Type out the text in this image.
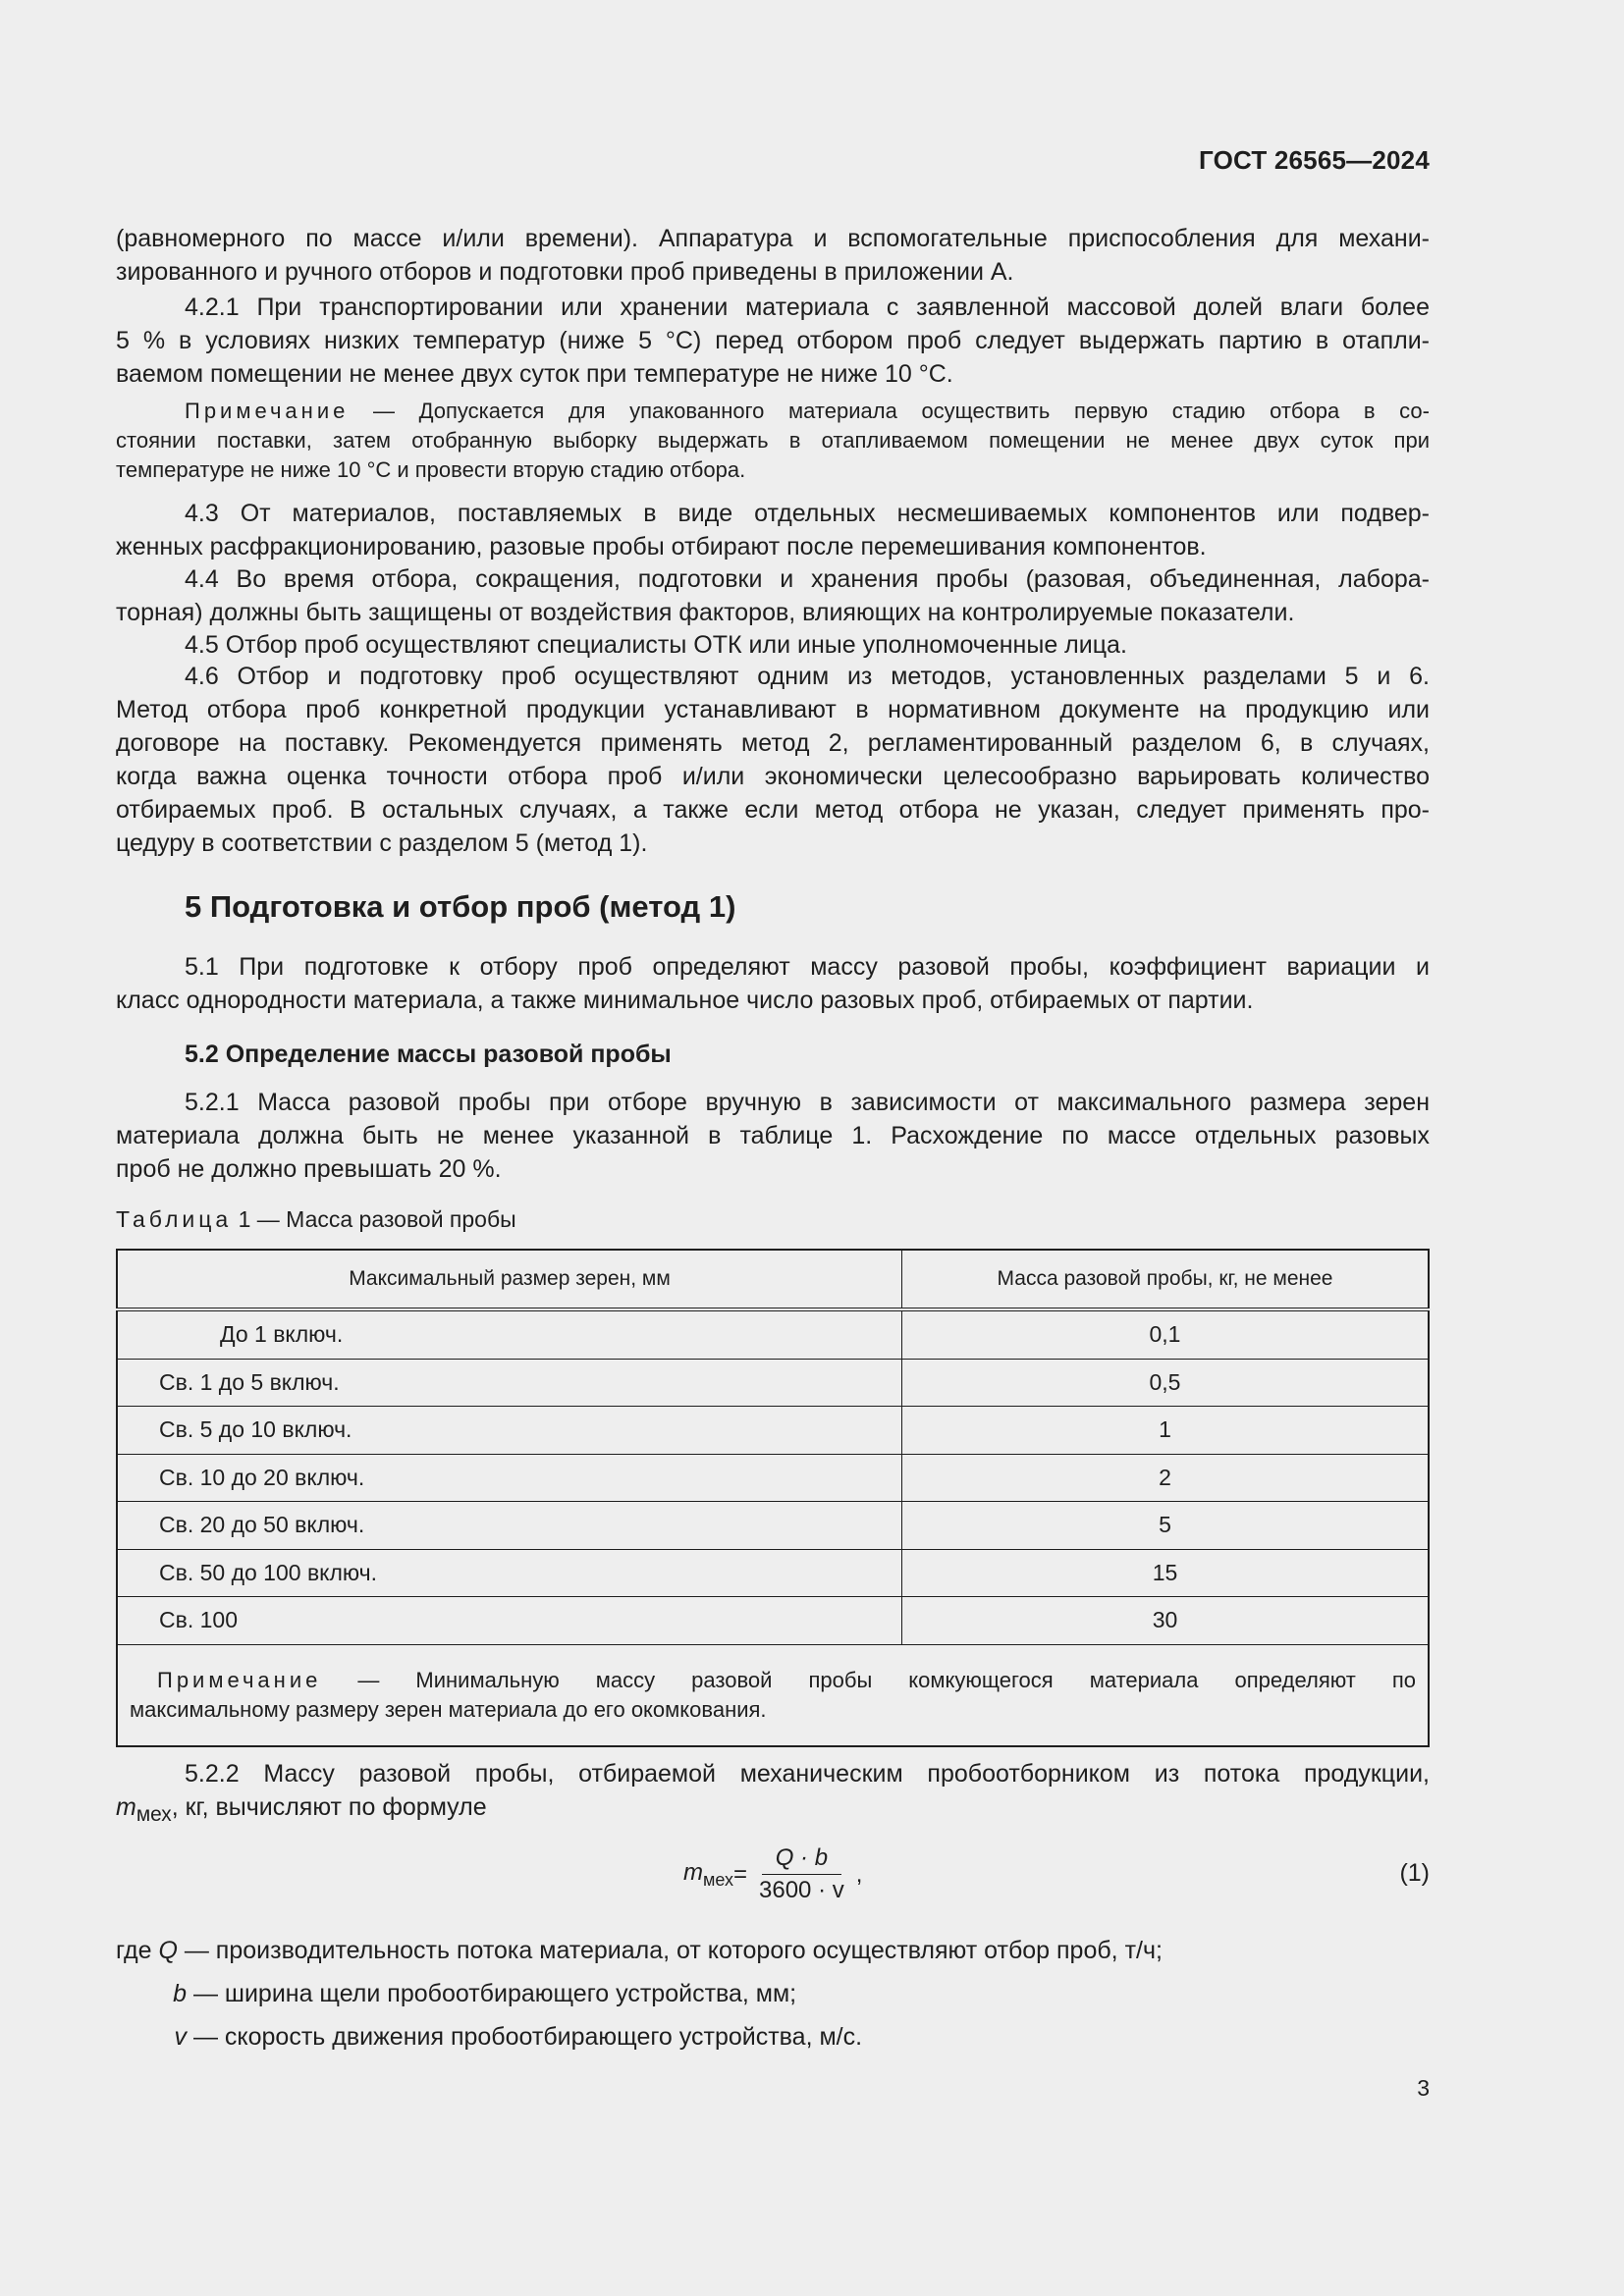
ГОСТ 26565—2024
(равномерного по массе и/или времени). Аппаратура и вспомогательные приспособления для механи-
зированного и ручного отборов и подготовки проб приведены в приложении А.
4.2.1 При транспортировании или хранении материала с заявленной массовой долей влаги более
5 % в условиях низких температур (ниже 5 °С) перед отбором проб следует выдержать партию в отапли-
ваемом помещении не менее двух суток при температуре не ниже 10 °С.
Примечание — Допускается для упакованного материала осуществить первую стадию отбора в со-
стоянии поставки, затем отобранную выборку выдержать в отапливаемом помещении не менее двух суток при
температуре не ниже 10 °С и провести вторую стадию отбора.
4.3 От материалов, поставляемых в виде отдельных несмешиваемых компонентов или подвер-
женных расфракционированию, разовые пробы отбирают после перемешивания компонентов.
4.4 Во время отбора, сокращения, подготовки и хранения пробы (разовая, объединенная, лабора-
торная) должны быть защищены от воздействия факторов, влияющих на контролируемые показатели.
4.5 Отбор проб осуществляют специалисты ОТК или иные уполномоченные лица.
4.6 Отбор и подготовку проб осуществляют одним из методов, установленных разделами 5 и 6.
Метод отбора проб конкретной продукции устанавливают в нормативном документе на продукцию или
договоре на поставку. Рекомендуется применять метод 2, регламентированный разделом 6, в случаях,
когда важна оценка точности отбора проб и/или экономически целесообразно варьировать количество
отбираемых проб. В остальных случаях, а также если метод отбора не указан, следует применять про-
цедуру в соответствии с разделом 5 (метод 1).
5 Подготовка и отбор проб (метод 1)
5.1 При подготовке к отбору проб определяют массу разовой пробы, коэффициент вариации и
класс однородности материала, а также минимальное число разовых проб, отбираемых от партии.
5.2 Определение массы разовой пробы
5.2.1 Масса разовой пробы при отборе вручную в зависимости от максимального размера зерен
материала должна быть не менее указанной в таблице 1. Расхождение по массе отдельных разовых
проб не должно превышать 20 %.
Таблица 1 — Масса разовой пробы
Максимальный размер зерен, мм	Масса разовой пробы, кг, не менее
До 1 включ.	0,1
Св. 1 до 5 включ.	0,5
Св. 5 до 10 включ.	1
Св. 10 до 20 включ.	2
Св. 20 до 50 включ.	5
Св. 50 до 100 включ.	15
Св. 100	30

Примечание — Минимальную массу разовой пробы комкующегося материала определяют по
максимальному размеру зерен материала до его окомкования.	
5.2.2 Массу разовой пробы, отбираемой механическим пробоотборником из потока продукции,
$m_{мех}$, кг, вычисляют по формуле
$m_{мех} = \frac{Q \cdot b}{3600 \cdot v}$ ,	(1)
где Q — производительность потока материала, от которого осуществляют отбор проб, т/ч;
b — ширина щели пробоотбирающего устройства, мм;
v — скорость движения пробоотбирающего устройства, м/с.
3
